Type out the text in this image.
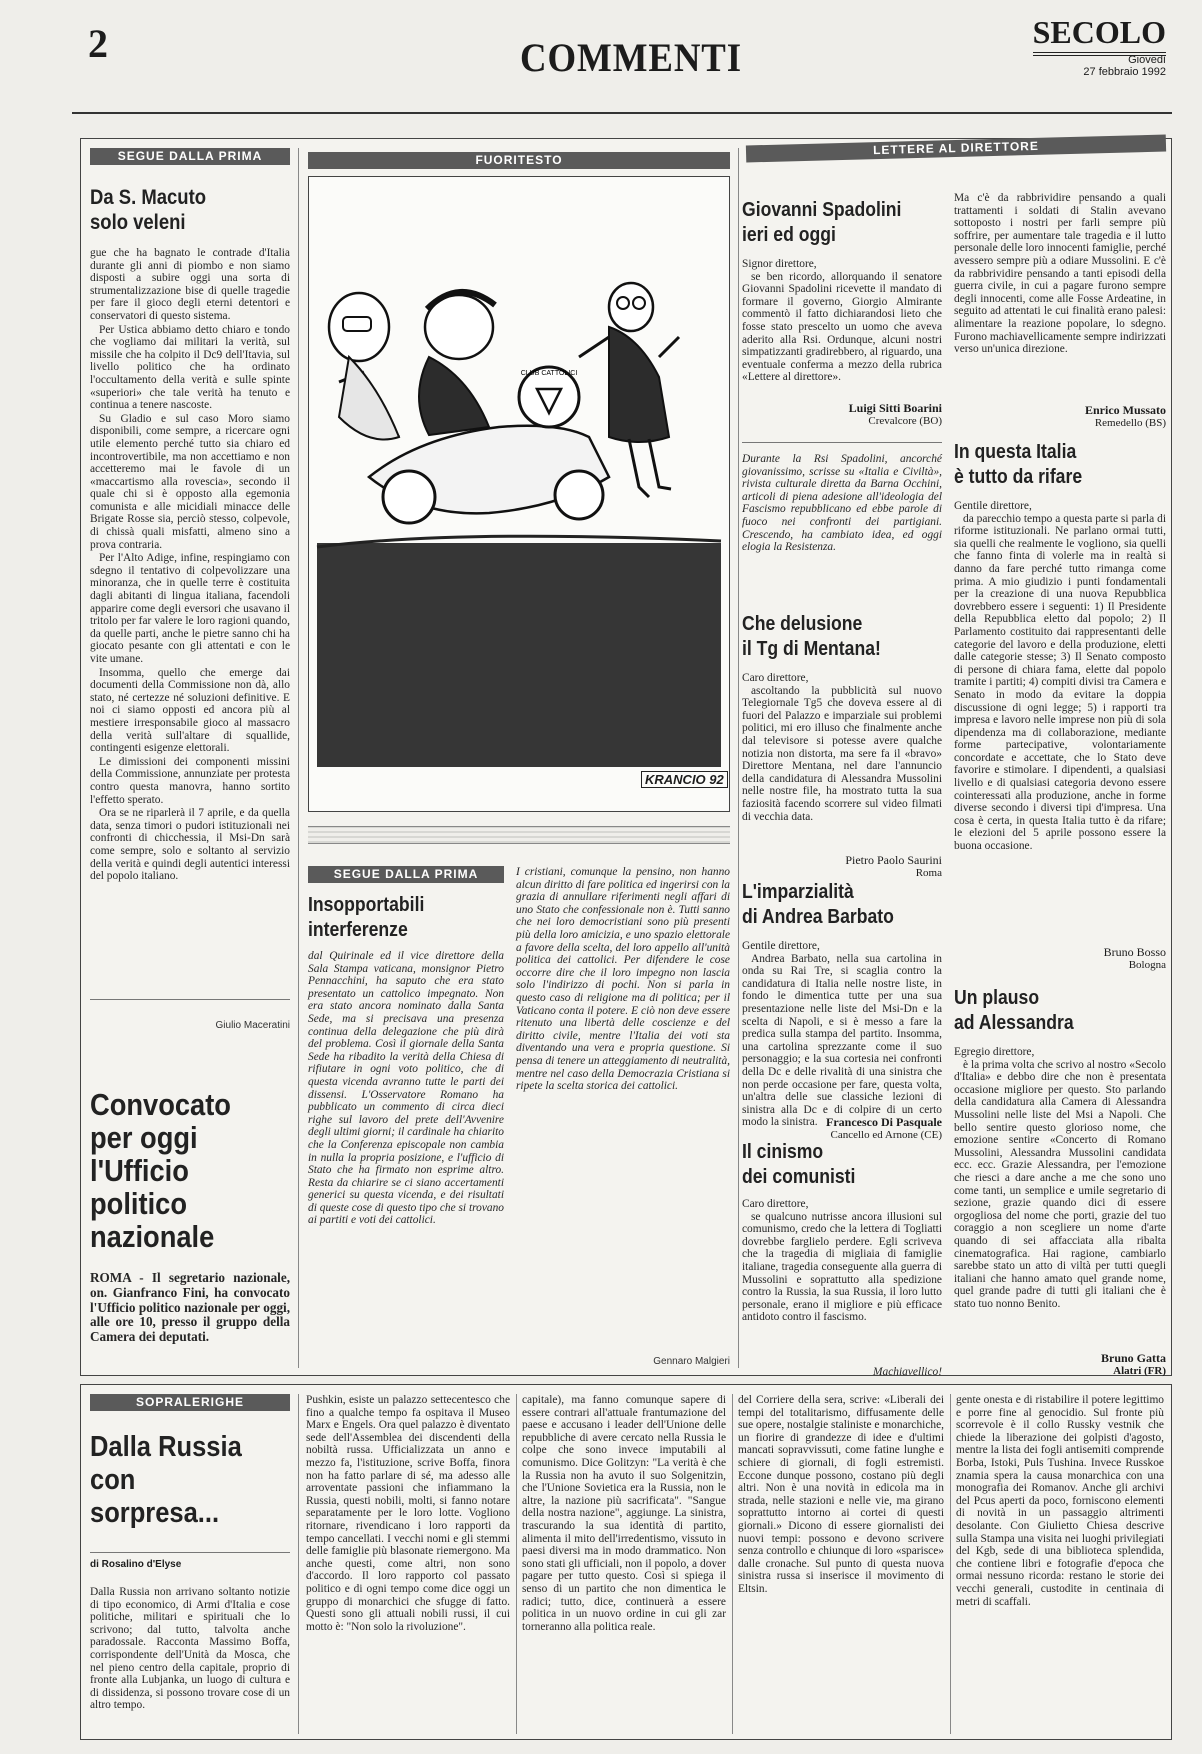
2	COMMENTI
SECOLO
Giovedì
27 febbraio 1992
SEGUE DALLA PRIMA
Da S. Macuto
solo veleni

gue che ha bagnato le contrade d'Italia durante gli anni di piombo e non siamo disposti a subire oggi una sorta di strumentalizzazione bise di quelle tragedie per fare il gioco degli eterni detentori e conservatori di questo sistema.

Per Ustica abbiamo detto chiaro e tondo che vogliamo dai militari la verità, sul missile che ha colpito il Dc9 dell'Itavia, sul livello politico che ha ordinato l'occultamento della verità e sulle spinte «superiori» che tale verità ha tenuto e continua a tenere nascoste.

Su Gladio e sul caso Moro siamo disponibili, come sempre, a ricercare ogni utile elemento perché tutto sia chiaro ed incontrovertibile, ma non accettiamo e non accetteremo mai le favole di un «maccartismo alla rovescia», secondo il quale chi si è opposto alla egemonia comunista e alle micidiali minacce delle Brigate Rosse sia, perciò stesso, colpevole, di chissà quali misfatti, almeno sino a prova contraria.

Per l'Alto Adige, infine, respingiamo con sdegno il tentativo di colpevolizzare una minoranza, che in quelle terre è costituita dagli abitanti di lingua italiana, facendoli apparire come degli eversori che usavano il tritolo per far valere le loro ragioni quando, da quelle parti, anche le pietre sanno chi ha giocato pesante con gli attentati e con le vite umane.

Insomma, quello che emerge dai documenti della Commissione non dà, allo stato, né certezze né soluzioni definitive. E noi ci siamo opposti ed ancora più al mestiere irresponsabile gioco al massacro della verità sull'altare di squallide, contingenti esigenze elettorali.

Le dimissioni dei componenti missini della Commissione, annunziate per protesta contro questa manovra, hanno sortito l'effetto sperato.

Ora se ne riparlerà il 7 aprile, e da quella data, senza timori o pudori istituzionali nei confronti di chicchessia, il Msi-Dn sarà come sempre, solo e soltanto al servizio della verità e quindi degli autentici interessi del popolo italiano.

Giulio Maceratini
Convocato
per oggi
l'Ufficio
politico
nazionale
ROMA - Il segretario nazionale, on. Gianfranco Fini, ha convocato l'Ufficio politico nazionale per oggi, alle ore 10, presso il gruppo della Camera dei deputati.
FUORITESTO
CLUB CATTOLICI
KRANCIO 92
SEGUE DALLA PRIMA
Insopportabili
interferenze
dal Quirinale ed il vice direttore della Sala Stampa vaticana, monsignor Pietro Pennacchini, ha saputo che era stato presentato un cattolico impegnato. Non era stato ancora nominato dalla Santa Sede, ma si precisava una presenza continua della delegazione che più dirà del problema. Così il giornale della Santa Sede ha ribadito la verità della Chiesa di rifiutare in ogni voto politico, che di questa vicenda avranno tutte le parti dei dissensi. L'Osservatore Romano ha pubblicato un commento di circa dieci righe sul lavoro del prete dell'Avvenire degli ultimi giorni; il cardinale ha chiarito che la Conferenza episcopale non cambia in nulla la propria posizione, e l'ufficio di Stato che ha firmato non esprime altro. Resta da chiarire se ci siano accertamenti generici su questa vicenda, e dei risultati di queste cose di questo tipo che si trovano ai partiti e voti dei cattolici.
I cristiani, comunque la pensino, non hanno alcun diritto di fare politica ed ingerirsi con la grazia di annullare riferimenti negli affari di uno Stato che confessionale non è. Tutti sanno che nei loro democristiani sono più presenti più della loro amicizia, e uno spazio elettorale a favore della scelta, del loro appello all'unità politica dei cattolici. Per difendere le cose occorre dire che il loro impegno non lascia solo l'indirizzo di pochi. Non si parla in questo caso di religione ma di politica; per il Vaticano conta il potere. E ciò non deve essere ritenuto una libertà delle coscienze e del diritto civile, mentre l'Italia dei voti sta diventando una vera e propria questione. Si pensa di tenere un atteggiamento di neutralità, mentre nel caso della Democrazia Cristiana si ripete la scelta storica dei cattolici.
Gennaro Malgieri
LETTERE AL DIRETTORE
Giovanni Spadolini
ieri ed oggi
Signor direttore,

se ben ricordo, allorquando il senatore Giovanni Spadolini ricevette il mandato di formare il governo, Giorgio Almirante commentò il fatto dichiarandosi lieto che fosse stato prescelto un uomo che aveva aderito alla Rsi. Ordunque, alcuni nostri simpatizzanti gradirebbero, al riguardo, una eventuale conferma a mezzo della rubrica «Lettere al direttore».

Luigi Sitti Boarini
Crevalcore (BO)
Durante la Rsi Spadolini, ancorché giovanissimo, scrisse su «Italia e Civiltà», rivista culturale diretta da Barna Occhini, articoli di piena adesione all'ideologia del Fascismo repubblicano ed ebbe parole di fuoco nei confronti dei partigiani. Crescendo, ha cambiato idea, ed oggi elogia la Resistenza.
Che delusione
il Tg di Mentana!
Caro direttore,

ascoltando la pubblicità sul nuovo Telegiornale Tg5 che doveva essere al di fuori del Palazzo e imparziale sui problemi politici, mi ero illuso che finalmente anche dal televisore si potesse avere qualche notizia non distorta, ma sere fa il «bravo» Direttore Mentana, nel dare l'annuncio della candidatura di Alessandra Mussolini nelle nostre file, ha mostrato tutta la sua faziosità facendo scorrere sul video filmati di vecchia data.

Pietro Paolo Saurini
Roma
L'imparzialità
di Andrea Barbato
Gentile direttore,

Andrea Barbato, nella sua cartolina in onda su Rai Tre, si scaglia contro la candidatura di Italia nelle nostre liste, in fondo le dimentica tutte per una sua presentazione nelle liste del Msi-Dn e la scelta di Napoli, e si è messo a fare la predica sulla stampa del partito. Insomma, una cartolina sprezzante come il suo personaggio; e la sua cortesia nei confronti della Dc e delle rivalità di una sinistra che non perde occasione per fare, questa volta, un'altra delle sue classiche lezioni di sinistra alla Dc e di colpire di un certo modo la sinistra. Francesco Di Pasquale
Cancello ed Arnone (CE)
Il cinismo
dei comunisti
Caro direttore,

se qualcuno nutrisse ancora illusioni sul comunismo, credo che la lettera di Togliatti dovrebbe farglielo perdere. Egli scriveva che la tragedia di migliaia di famiglie italiane, tragedia conseguente alla guerra di Mussolini e soprattutto alla spedizione contro la Russia, la sua Russia, il loro lutto personale, erano il migliore e più efficace antidoto contro il fascismo.

Machiavellico!
Ma c'è da rabbrividire pensando a quali trattamenti i soldati di Stalin avevano sottoposto i nostri per farli sempre più soffrire, per aumentare tale tragedia e il lutto personale delle loro innocenti famiglie, perché avessero sempre più a odiare Mussolini. E c'è da rabbrividire pensando a tanti episodi della guerra civile, in cui a pagare furono sempre degli innocenti, come alle Fosse Ardeatine, in seguito ad attentati le cui finalità erano palesi: alimentare la reazione popolare, lo sdegno. Furono machiavellicamente sempre indirizzati verso un'unica direzione.
Enrico Mussato
Remedello (BS)
In questa Italia
è tutto da rifare
Gentile direttore,

da parecchio tempo a questa parte si parla di riforme istituzionali. Ne parlano ormai tutti, sia quelli che realmente le vogliono, sia quelli che fanno finta di volerle ma in realtà si danno da fare perché tutto rimanga come prima. A mio giudizio i punti fondamentali per la creazione di una nuova Repubblica dovrebbero essere i seguenti: 1) Il Presidente della Repubblica eletto dal popolo; 2) Il Parlamento costituito dai rappresentanti delle categorie del lavoro e della produzione, eletti dalle categorie stesse; 3) Il Senato composto di persone di chiara fama, elette dal popolo tramite i partiti; 4) compiti divisi tra Camera e Senato in modo da evitare la doppia discussione di ogni legge; 5) i rapporti tra impresa e lavoro nelle imprese non più di sola dipendenza ma di collaborazione, mediante forme partecipative, volontariamente concordate e accettate, che lo Stato deve favorire e stimolare. I dipendenti, a qualsiasi livello e di qualsiasi categoria devono essere cointeressati alla produzione, anche in forme diverse secondo i diversi tipi d'impresa. Una cosa è certa, in questa Italia tutto è da rifare; le elezioni del 5 aprile possono essere la buona occasione.

Bruno Bosso
Bologna
Un plauso
ad Alessandra
Egregio direttore,

è la prima volta che scrivo al nostro «Secolo d'Italia» e debbo dire che non è presentata occasione migliore per questo. Sto parlando della candidatura alla Camera di Alessandra Mussolini nelle liste del Msi a Napoli. Che bello sentire questo glorioso nome, che emozione sentire «Concerto di Romano Mussolini, Alessandra Mussolini candidata ecc. ecc. Grazie Alessandra, per l'emozione che riesci a dare anche a me che sono uno come tanti, un semplice e umile segretario di sezione, grazie quando dici di essere orgogliosa del nome che porti, grazie del tuo coraggio a non scegliere un nome d'arte quando di sei affacciata alla ribalta cinematografica. Hai ragione, cambiarlo sarebbe stato un atto di viltà per tutti quegli italiani che hanno amato quel grande nome, quel grande padre di tutti gli italiani che è stato tuo nonno Benito.

Bruno Gatta
Alatri (FR)
SOPRALERIGHE
Dalla Russia
con
sorpresa...
di Rosalino d'Elyse
Dalla Russia non arrivano soltanto notizie di tipo economico, di Armi d'Italia e cose politiche, militari e spirituali che lo scrivono; dal tutto, talvolta anche paradossale. Racconta Massimo Boffa, corrispondente dell'Unità da Mosca, che nel pieno centro della capitale, proprio di fronte alla Lubjanka, un luogo di cultura e di dissidenza, si possono trovare cose di un altro tempo.
Pushkin, esiste un palazzo settecentesco che fino a qualche tempo fa ospitava il Museo Marx e Engels. Ora quel palazzo è diventato sede dell'Assemblea dei discendenti della nobiltà russa. Ufficializzata un anno e mezzo fa, l'istituzione, scrive Boffa, finora non ha fatto parlare di sé, ma adesso alle arroventate passioni che infiammano la Russia, questi nobili, molti, si fanno notare separatamente per le loro lotte. Vogliono ritornare, rivendicano i loro rapporti da tempo cancellati. I vecchi nomi e gli stemmi delle famiglie più blasonate riemergono. Ma anche questi, come altri, non sono d'accordo. Il loro rapporto col passato politico e di ogni tempo come dice oggi un gruppo di monarchici che sfugge di fatto. Questi sono gli attuali nobili russi, il cui motto è: "Non solo la rivoluzione".
capitale), ma fanno comunque sapere di essere contrari all'attuale frantumazione del paese e accusano i leader dell'Unione delle repubbliche di avere cercato nella Russia le colpe che sono invece imputabili al comunismo. Dice Golitzyn: "La verità è che la Russia non ha avuto il suo Solgenitzin, che l'Unione Sovietica era la Russia, non le altre, la nazione più sacrificata". "Sangue della nostra nazione", aggiunge. La sinistra, trascurando la sua identità di partito, alimenta il mito dell'irredentismo, vissuto in paesi diversi ma in modo drammatico. Non sono stati gli ufficiali, non il popolo, a dover pagare per tutto questo. Così si spiega il senso di un partito che non dimentica le radici; tutto, dice, continuerà a essere politica in un nuovo ordine in cui gli zar torneranno alla politica reale.
del Corriere della sera, scrive: «Liberali dei tempi del totalitarismo, diffusamente delle sue opere, nostalgie staliniste e monarchiche, un fiorire di grandezze di idee e d'ultimi mancati sopravvissuti, come fatine lunghe e schiere di giornali, di fogli estremisti. Eccone dunque possono, costano più degli altri. Non è una novità in edicola ma in strada, nelle stazioni e nelle vie, ma girano soprattutto intorno ai cortei di questi giornali.» Dicono di essere giornalisti dei nuovi tempi: possono e devono scrivere senza controllo e chiunque di loro «sparisce» dalle cronache. Sul punto di questa nuova sinistra russa si inserisce il movimento di Eltsin.
gente onesta e di ristabilire il potere legittimo e porre fine al genocidio. Sul fronte più scorrevole è il collo Russky vestnik che chiede la liberazione dei golpisti d'agosto, mentre la lista dei fogli antisemiti comprende Borba, Istoki, Puls Tushina. Invece Russkoe znamia spera la causa monarchica con una monografia dei Romanov. Anche gli archivi del Pcus aperti da poco, forniscono elementi di novità in un passaggio altrimenti desolante. Con Giulietto Chiesa descrive sulla Stampa una visita nei luoghi privilegiati del Kgb, sede di una biblioteca splendida, che contiene libri e fotografie d'epoca che ormai nessuno ricorda: restano le storie dei vecchi generali, custodite in centinaia di metri di scaffali.
